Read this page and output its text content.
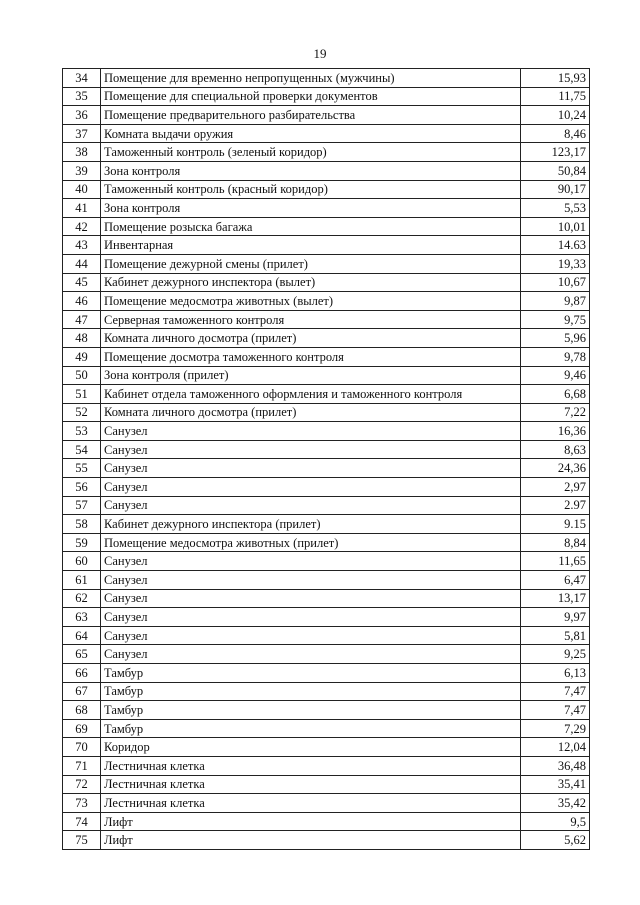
19
34	Помещение для временно непропущенных (мужчины)	15,93
35	Помещение для специальной проверки документов	11,75
36	Помещение предварительного разбирательства	10,24
37	Комната выдачи оружия	8,46
38	Таможенный контроль (зеленый коридор)	123,17
39	Зона контроля	50,84
40	Таможенный контроль (красный коридор)	90,17
41	Зона контроля	5,53
42	Помещение розыска багажа	10,01
43	Инвентарная	14.63
44	Помещение дежурной смены (прилет)	19,33
45	Кабинет дежурного инспектора (вылет)	10,67
46	Помещение медосмотра животных (вылет)	9,87
47	Серверная таможенного контроля	9,75
48	Комната личного досмотра (прилет)	5,96
49	Помещение досмотра таможенного контроля	9,78
50	Зона контроля (прилет)	9,46
51	Кабинет отдела таможенного оформления и таможенного контроля	6,68
52	Комната личного досмотра (прилет)	7,22
53	Санузел	16,36
54	Санузел	8,63
55	Санузел	24,36
56	Санузел	2,97
57	Санузел	2.97
58	Кабинет дежурного инспектора (прилет)	9.15
59	Помещение медосмотра животных (прилет)	8,84
60	Санузел	11,65
61	Санузел	6,47
62	Санузел	13,17
63	Санузел	9,97
64	Санузел	5,81
65	Санузел	9,25
66	Тамбур	6,13
67	Тамбур	7,47
68	Тамбур	7,47
69	Тамбур	7,29
70	Коридор	12,04
71	Лестничная клетка	36,48
72	Лестничная клетка	35,41
73	Лестничная клетка	35,42
74	Лифт	9,5
75	Лифт	5,62
